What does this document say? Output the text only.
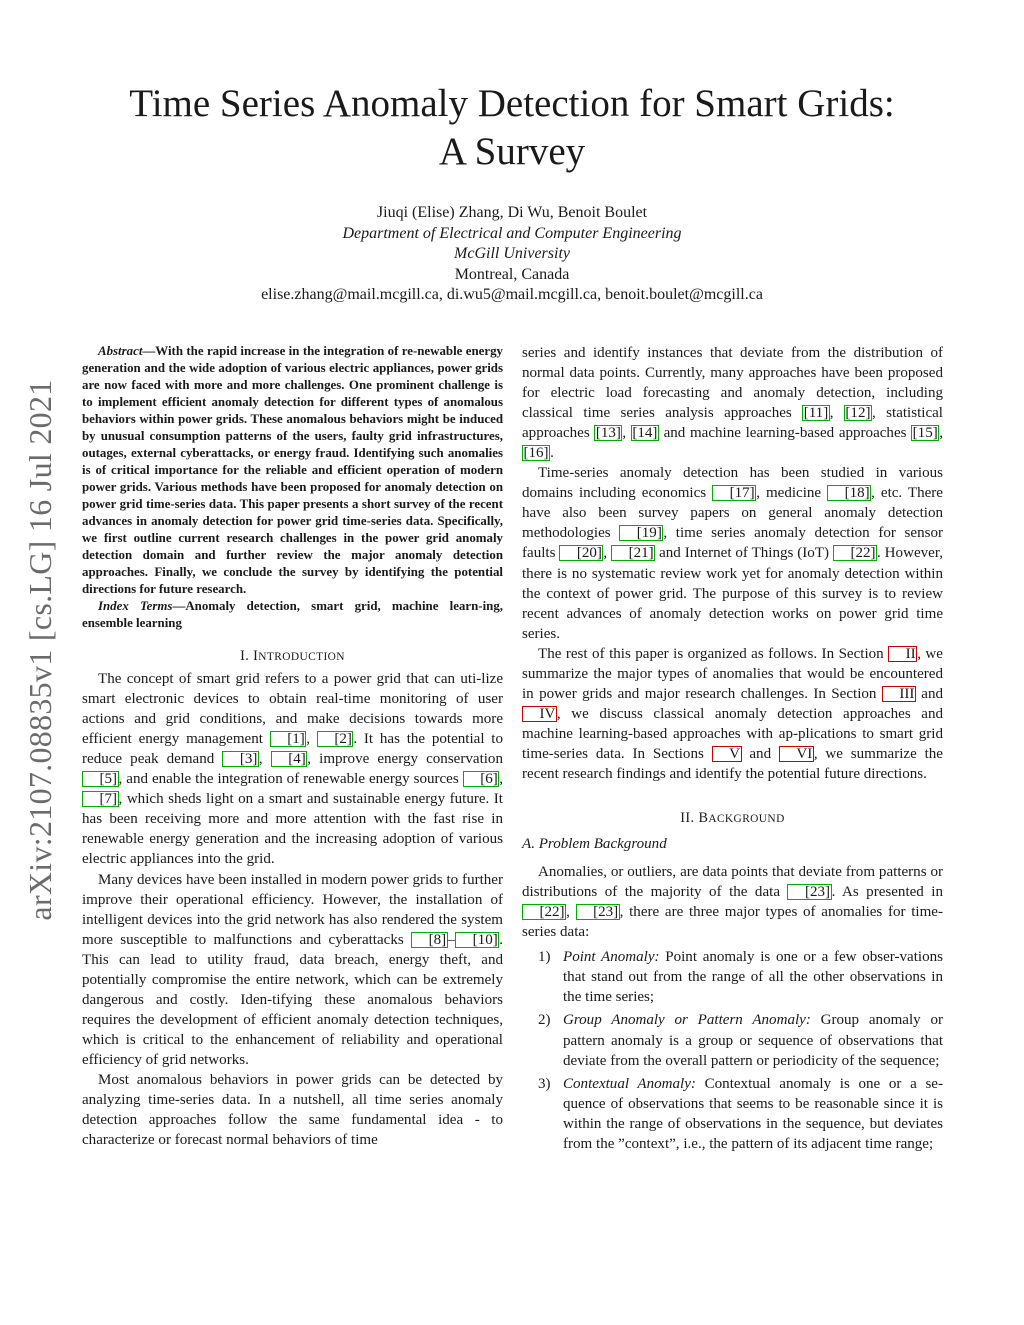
arXiv:2107.08835v1 [cs.LG] 16 Jul 2021
Time Series Anomaly Detection for Smart Grids:
A Survey
Jiuqi (Elise) Zhang, Di Wu, Benoit Boulet
Department of Electrical and Computer Engineering
McGill University
Montreal, Canada
elise.zhang@mail.mcgill.ca, di.wu5@mail.mcgill.ca, benoit.boulet@mcgill.ca

Abstract—With the rapid increase in the integration of re-newable energy generation and the wide adoption of various electric appliances, power grids are now faced with more and more challenges. One prominent challenge is to implement efficient anomaly detection for different types of anomalous behaviors within power grids. These anomalous behaviors might be induced by unusual consumption patterns of the users, faulty grid infrastructures, outages, external cyberattacks, or energy fraud. Identifying such anomalies is of critical importance for the reliable and efficient operation of modern power grids. Various methods have been proposed for anomaly detection on power grid time-series data. This paper presents a short survey of the recent advances in anomaly detection for power grid time-series data. Specifically, we first outline current research challenges in the power grid anomaly detection domain and further review the major anomaly detection approaches. Finally, we conclude the survey by identifying the potential directions for future research.

Index Terms—Anomaly detection, smart grid, machine learn-ing, ensemble learning

I. INTRODUCTION

The concept of smart grid refers to a power grid that can uti-lize smart electronic devices to obtain real-time monitoring of user actions and grid conditions, and make decisions towards more efficient energy management [1], [2]. It has the potential to reduce peak demand [3], [4], improve energy conservation [5], and enable the integration of renewable energy sources [6], [7], which sheds light on a smart and sustainable energy future. It has been receiving more and more attention with the fast rise in renewable energy generation and the increasing adoption of various electric appliances into the grid.

Many devices have been installed in modern power grids to further improve their operational efficiency. However, the installation of intelligent devices into the grid network has also rendered the system more susceptible to malfunctions and cyberattacks [8]– [10]. This can lead to utility fraud, data breach, energy theft, and potentially compromise the entire network, which can be extremely dangerous and costly. Iden-tifying these anomalous behaviors requires the development of efficient anomaly detection techniques, which is critical to the enhancement of reliability and operational efficiency of grid networks.

Most anomalous behaviors in power grids can be detected by analyzing time-series data. In a nutshell, all time series anomaly detection approaches follow the same fundamental idea - to characterize or forecast normal behaviors of time

series and identify instances that deviate from the distribution of normal data points. Currently, many approaches have been proposed for electric load forecasting and anomaly detection, including classical time series analysis approaches [11], [12], statistical approaches [13], [14] and machine learning-based approaches [15], [16].

Time-series anomaly detection has been studied in various domains including economics [17], medicine [18], etc. There have also been survey papers on general anomaly detection methodologies [19], time series anomaly detection for sensor faults [20], [21] and Internet of Things (IoT) [22]. However, there is no systematic review work yet for anomaly detection within the context of power grid. The purpose of this survey is to review recent advances of anomaly detection works on power grid time series.

The rest of this paper is organized as follows. In Section II, we summarize the major types of anomalies that would be encountered in power grids and major research challenges. In Section III and IV, we discuss classical anomaly detection approaches and machine learning-based approaches with ap-plications to smart grid time-series data. In Sections V and VI, we summarize the recent research findings and identify the potential future directions.

II. BACKGROUND

A. Problem Background

Anomalies, or outliers, are data points that deviate from patterns or distributions of the majority of the data [23]. As presented in [22], [23], there are three major types of anomalies for time-series data:

1) Point Anomaly: Point anomaly is one or a few obser-vations that stand out from the range of all the other observations in the time series;
2) Group Anomaly or Pattern Anomaly: Group anomaly or pattern anomaly is a group or sequence of observations that deviate from the overall pattern or periodicity of the sequence;
3) Contextual Anomaly: Contextual anomaly is one or a se-quence of observations that seems to be reasonable since it is within the range of observations in the sequence, but deviates from the ”context”, i.e., the pattern of its adjacent time range;
